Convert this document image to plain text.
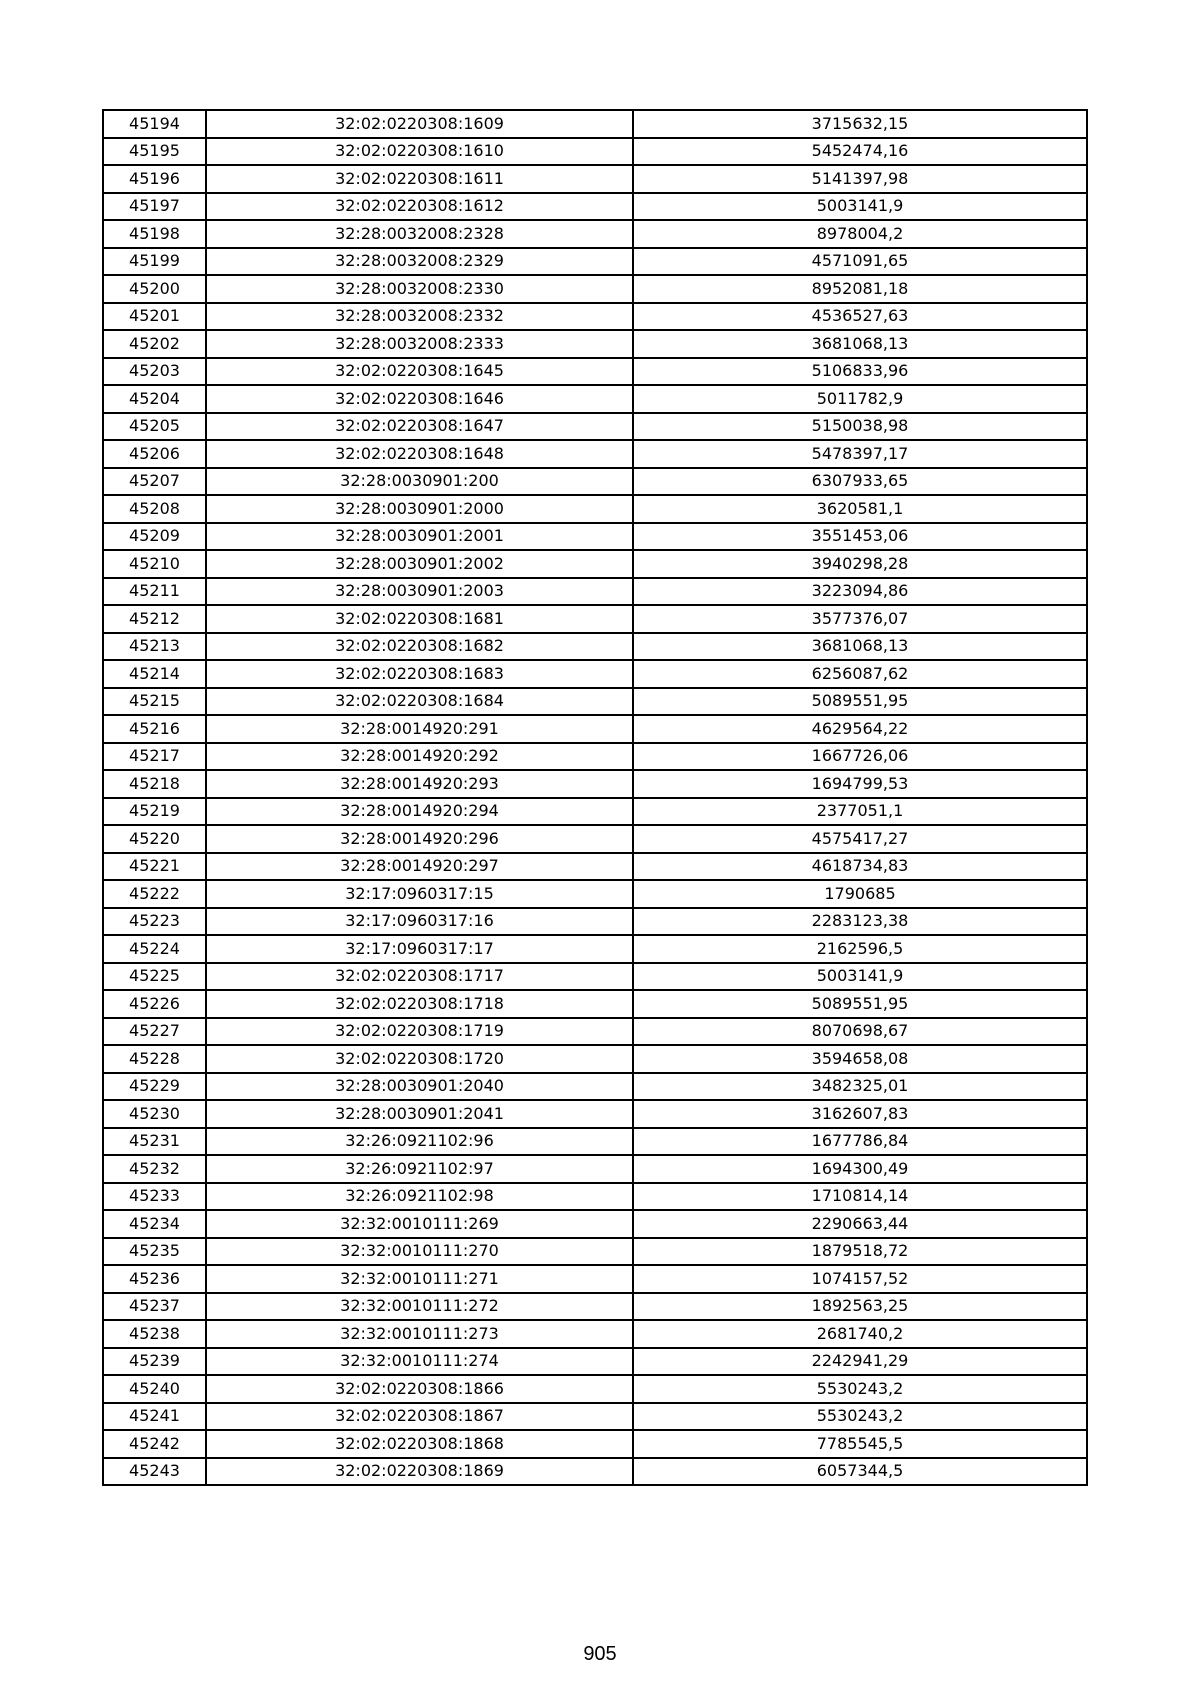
45194	32:02:0220308:1609	3715632,15
45195	32:02:0220308:1610	5452474,16
45196	32:02:0220308:1611	5141397,98
45197	32:02:0220308:1612	5003141,9
45198	32:28:0032008:2328	8978004,2
45199	32:28:0032008:2329	4571091,65
45200	32:28:0032008:2330	8952081,18
45201	32:28:0032008:2332	4536527,63
45202	32:28:0032008:2333	3681068,13
45203	32:02:0220308:1645	5106833,96
45204	32:02:0220308:1646	5011782,9
45205	32:02:0220308:1647	5150038,98
45206	32:02:0220308:1648	5478397,17
45207	32:28:0030901:200	6307933,65
45208	32:28:0030901:2000	3620581,1
45209	32:28:0030901:2001	3551453,06
45210	32:28:0030901:2002	3940298,28
45211	32:28:0030901:2003	3223094,86
45212	32:02:0220308:1681	3577376,07
45213	32:02:0220308:1682	3681068,13
45214	32:02:0220308:1683	6256087,62
45215	32:02:0220308:1684	5089551,95
45216	32:28:0014920:291	4629564,22
45217	32:28:0014920:292	1667726,06
45218	32:28:0014920:293	1694799,53
45219	32:28:0014920:294	2377051,1
45220	32:28:0014920:296	4575417,27
45221	32:28:0014920:297	4618734,83
45222	32:17:0960317:15	1790685
45223	32:17:0960317:16	2283123,38
45224	32:17:0960317:17	2162596,5
45225	32:02:0220308:1717	5003141,9
45226	32:02:0220308:1718	5089551,95
45227	32:02:0220308:1719	8070698,67
45228	32:02:0220308:1720	3594658,08
45229	32:28:0030901:2040	3482325,01
45230	32:28:0030901:2041	3162607,83
45231	32:26:0921102:96	1677786,84
45232	32:26:0921102:97	1694300,49
45233	32:26:0921102:98	1710814,14
45234	32:32:0010111:269	2290663,44
45235	32:32:0010111:270	1879518,72
45236	32:32:0010111:271	1074157,52
45237	32:32:0010111:272	1892563,25
45238	32:32:0010111:273	2681740,2
45239	32:32:0010111:274	2242941,29
45240	32:02:0220308:1866	5530243,2
45241	32:02:0220308:1867	5530243,2
45242	32:02:0220308:1868	7785545,5
45243	32:02:0220308:1869	6057344,5
905
